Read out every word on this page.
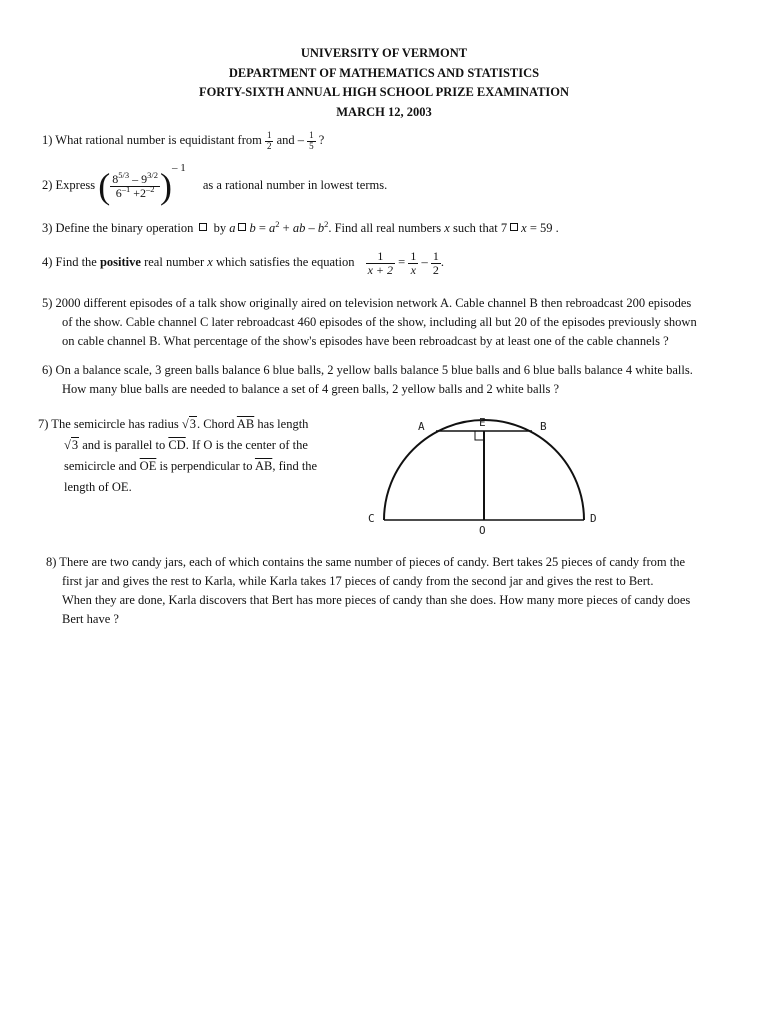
UNIVERSITY OF VERMONT
DEPARTMENT OF MATHEMATICS AND STATISTICS
FORTY-SIXTH ANNUAL HIGH SCHOOL PRIZE EXAMINATION
MARCH 12, 2003
1) What rational number is equidistant from $\frac{1}{2}$ and – $\frac{1}{5}$ ?
2) Express ( $\frac{8^{5/3} - 9^{3/2}}{6^{-1} +2^{-2}} )^{- 1}$ as a rational number in lowest terms.
3) Define the binary operation by a $b = a^2$ + ab – $b^2$. Find all real numbers x such that 7 x = 59 .
4) Find the positive real number x which satisfies the equation $\frac{1}{x + 2} = \frac{1}{x} - \frac{1}{2}$ .
5) 2000 different episodes of a talk show originally aired on television network A. Cable channel B then rebroadcast 200 episodes
of the show. Cable channel C later rebroadcast 460 episodes of the show, including all but 20 of the episodes previously shown
on cable channel B. What percentage of the show's episodes have been rebroadcast by at least one of the cable channels ?
6) On a balance scale, 3 green balls balance 6 blue balls, 2 yellow balls balance 5 blue balls and 6 blue balls balance 4 white balls.
How many blue balls are needed to balance a set of 4 green balls, 2 yellow balls and 2 white balls ?
7) The semicircle has radius √3. Chord $\overline{AB}$ has length
√3 and is parallel to $\overline{CD}$. If O is the center of the
semicircle and $\overline{OE}$ is perpendicular to $\overline{AB}$, find the
length of OE.
A	E	B
C
O
D
8) There are two candy jars, each of which contains the same number of pieces of candy. Bert takes 25 pieces of candy from the
first jar and gives the rest to Karla, while Karla takes 17 pieces of candy from the second jar and gives the rest to Bert.
When they are done, Karla discovers that Bert has more pieces of candy than she does. How many more pieces of candy does
Bert have ?
